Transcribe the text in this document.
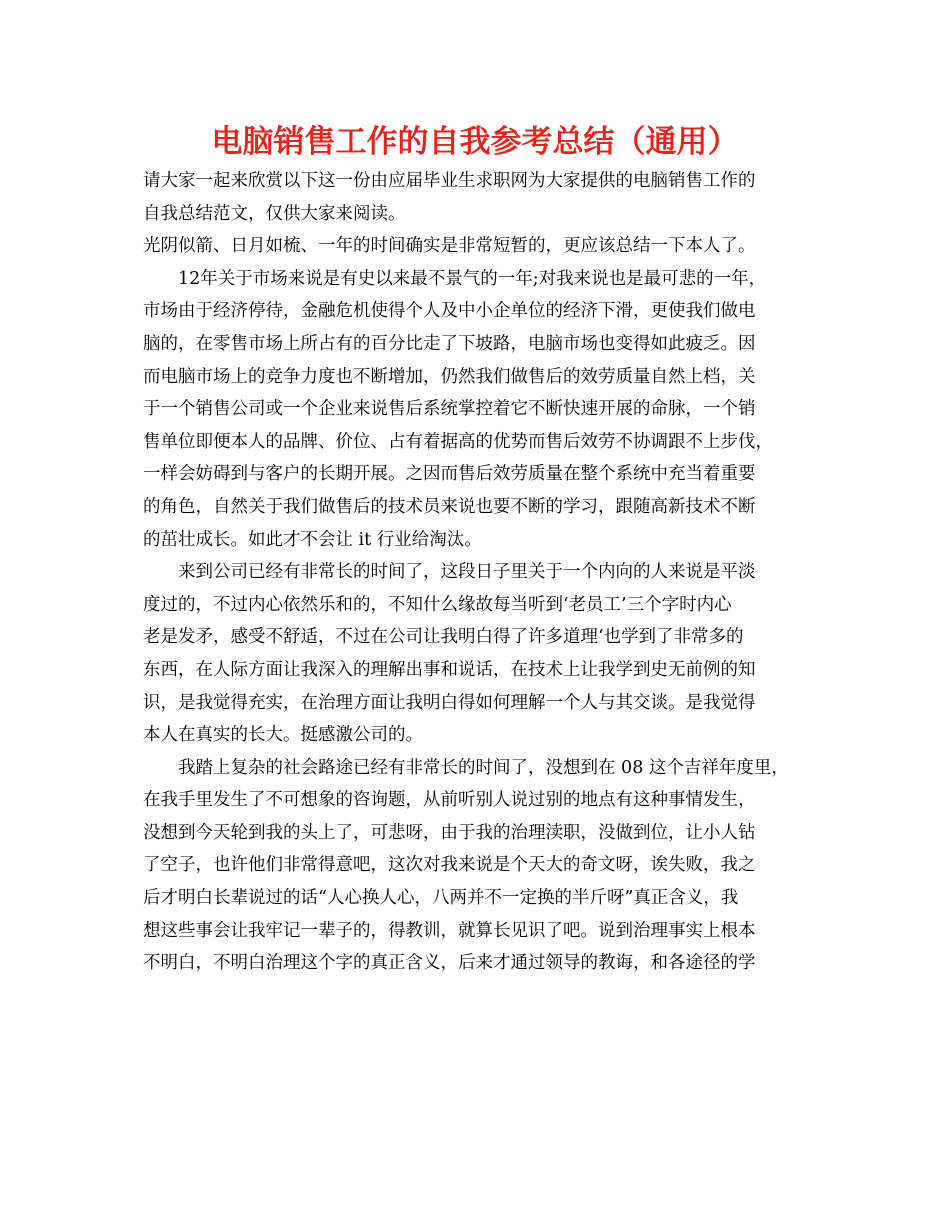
电脑销售工作的自我参考总结（通用）
请大家一起来欣赏以下这一份由应届毕业生求职网为大家提供的电脑销售工作的
自我总结范文，仅供大家来阅读。
光阴似箭、日月如梳、一年的时间确实是非常短暂的，更应该总结一下本人了。
12年关于市场来说是有史以来最不景气的一年;对我来说也是最可悲的一年，
市场由于经济停待，金融危机使得个人及中小企单位的经济下滑，更使我们做电
脑的，在零售市场上所占有的百分比走了下坡路，电脑市场也变得如此疲乏。因
而电脑市场上的竞争力度也不断增加，仍然我们做售后的效劳质量自然上档，关
于一个销售公司或一个企业来说售后系统掌控着它不断快速开展的命脉，一个销
售单位即便本人的品牌、价位、占有着据高的优势而售后效劳不协调跟不上步伐，
一样会妨碍到与客户的长期开展。之因而售后效劳质量在整个系统中充当着重要
的角色，自然关于我们做售后的技术员来说也要不断的学习，跟随高新技术不断
的茁壮成长。如此才不会让 it 行业给淘汰。
来到公司已经有非常长的时间了，这段日子里关于一个内向的人来说是平淡
度过的，不过内心依然乐和的，不知什么缘故每当听到‘老员工’三个字时内心
老是发矛，感受不舒适，不过在公司让我明白得了许多道理‘也学到了非常多的
东西，在人际方面让我深入的理解出事和说话，在技术上让我学到史无前例的知
识，是我觉得充实，在治理方面让我明白得如何理解一个人与其交谈。是我觉得
本人在真实的长大。挺感激公司的。
我踏上复杂的社会路途已经有非常长的时间了，没想到在 08 这个吉祥年度里，
在我手里发生了不可想象的咨询题，从前听别人说过别的地点有这种事情发生，
没想到今天轮到我的头上了，可悲呀，由于我的治理渎职，没做到位，让小人钻
了空子，也许他们非常得意吧，这次对我来说是个天大的奇文呀，诶失败，我之
后才明白长辈说过的话“人心换人心，八两并不一定换的半斤呀”真正含义，我
想这些事会让我牢记一辈子的，得教训，就算长见识了吧。说到治理事实上根本
不明白，不明白治理这个字的真正含义，后来才通过领导的教诲，和各途径的学
